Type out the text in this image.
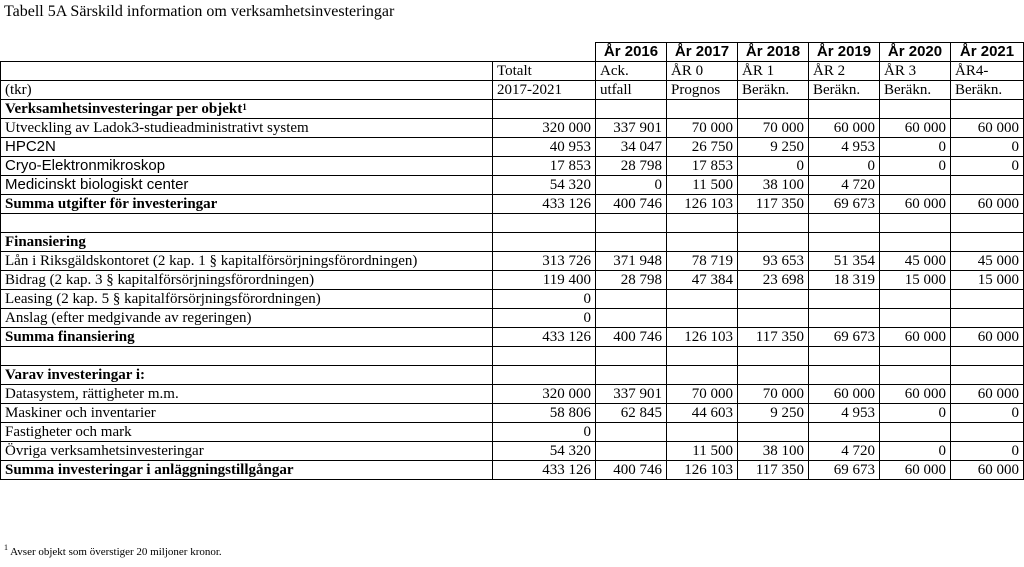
Tabell 5A Särskild information om verksamhetsinvesteringar
		År 2016	År 2017	År 2018	År 2019	År 2020	År 2021
	Totalt	Ack.	ÅR 0	ÅR 1	ÅR 2	ÅR 3	ÅR4-
(tkr)	2017-2021	utfall	Prognos	Beräkn.	Beräkn.	Beräkn.	Beräkn.
Verksamhetsinvesteringar per objekt$^1$							
Utveckling av Ladok3-studieadministrativt system	320 000	337 901	70 000	70 000	60 000	60 000	60 000
HPC2N	40 953	34 047	26 750	9 250	4 953	0	0
Cryo-Elektronmikroskop	17 853	28 798	17 853	0	0	0	0
Medicinskt biologiskt center	54 320	0	11 500	38 100	4 720		
Summa utgifter för investeringar	433 126	400 746	126 103	117 350	69 673	60 000	60 000

Finansiering							
Lån i Riksgäldskontoret (2 kap. 1 § kapitalförsörjningsförordningen)	313 726	371 948	78 719	93 653	51 354	45 000	45 000
Bidrag (2 kap. 3 § kapitalförsörjningsförordningen)	119 400	28 798	47 384	23 698	18 319	15 000	15 000
Leasing (2 kap. 5 § kapitalförsörjningsförordningen)	0						
Anslag (efter medgivande av regeringen)	0						
Summa finansiering	433 126	400 746	126 103	117 350	69 673	60 000	60 000

Varav investeringar i:							
Datasystem, rättigheter m.m.	320 000	337 901	70 000	70 000	60 000	60 000	60 000
Maskiner och inventarier	58 806	62 845	44 603	9 250	4 953	0	0
Fastigheter och mark	0						
Övriga verksamhetsinvesteringar	54 320		11 500	38 100	4 720	0	0
Summa investeringar i anläggningstillgångar	433 126	400 746	126 103	117 350	69 673	60 000	60 000
$^1$ Avser objekt som överstiger 20 miljoner kronor.
